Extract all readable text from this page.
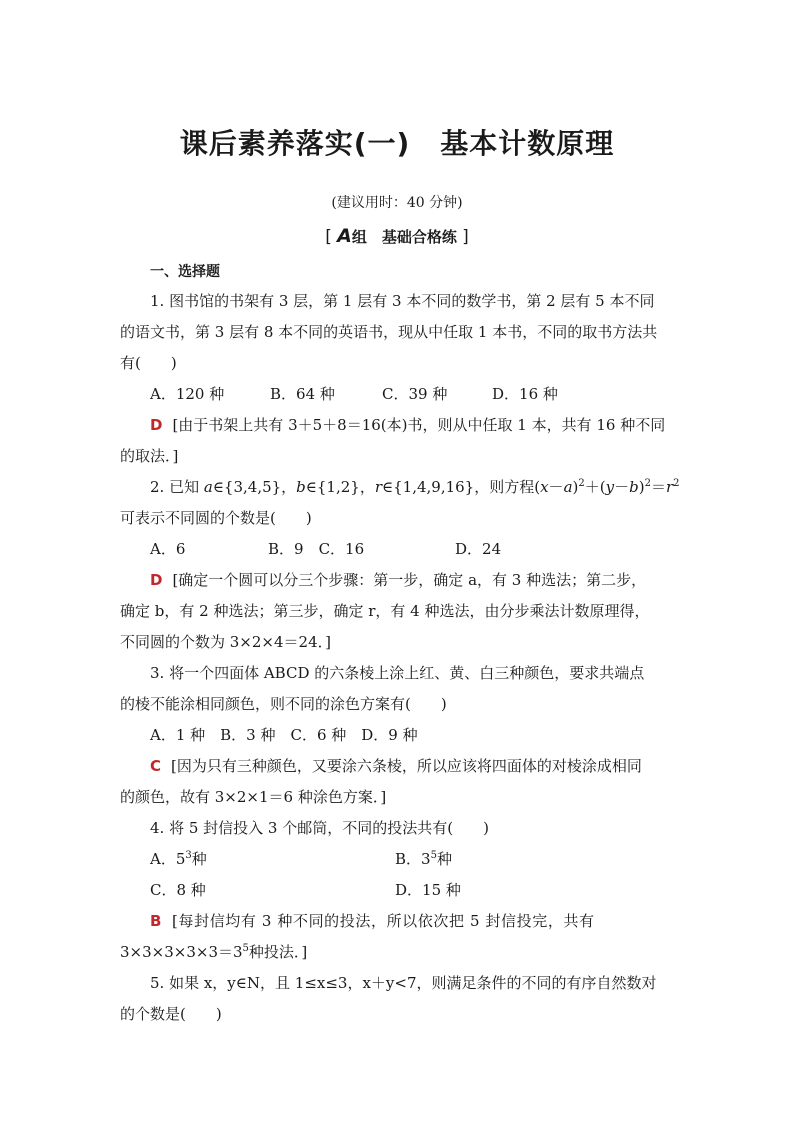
课后素养落实(一) 基本计数原理
(建议用时：40 分钟)
[ A组　基础合格练 ]
一、选择题
1. 图书馆的书架有 3 层，第 1 层有 3 本不同的数学书，第 2 层有 5 本不同
的语文书，第 3 层有 8 本不同的英语书，现从中任取 1 本书，不同的取书方法共
有(　　)
A．120 种	B．64 种	C．39 种	D．16 种
D [由于书架上共有 3＋5＋8＝16(本)书，则从中任取 1 本，共有 16 种不同
的取法．]
2. 已知 a∈{3,4,5}，b∈{1,2}，r∈{1,4,9,16}，则方程$(x-a)^2+(y-b)^2=r^2$
可表示不同圆的个数是(　　)
A．6	B．9　C．16	D．24
D [确定一个圆可以分三个步骤：第一步，确定 a，有 3 种选法；第二步，
确定 b，有 2 种选法；第三步，确定 r，有 4 种选法，由分步乘法计数原理得，
不同圆的个数为 3×2×4＝24．]
3. 将一个四面体 ABCD 的六条棱上涂上红、黄、白三种颜色，要求共端点
的棱不能涂相同颜色，则不同的涂色方案有(　　)
A．1 种　B．3 种　C．6 种　D．9 种
C [因为只有三种颜色，又要涂六条棱，所以应该将四面体的对棱涂成相同
的颜色，故有 3×2×1＝6 种涂色方案．]
4. 将 5 封信投入 3 个邮筒，不同的投法共有(　　)
A．$5^3$种	B．$3^5$种
C．8 种	D．15 种
B [每封信均有 3 种不同的投法，所以依次把 5 封信投完，共有
$3\times 3\times 3\times 3\times 3=3^5$种投法．]
5. 如果 x，y∈N，且 1≤x≤3，x＋y<7，则满足条件的不同的有序自然数对
的个数是(　　)
